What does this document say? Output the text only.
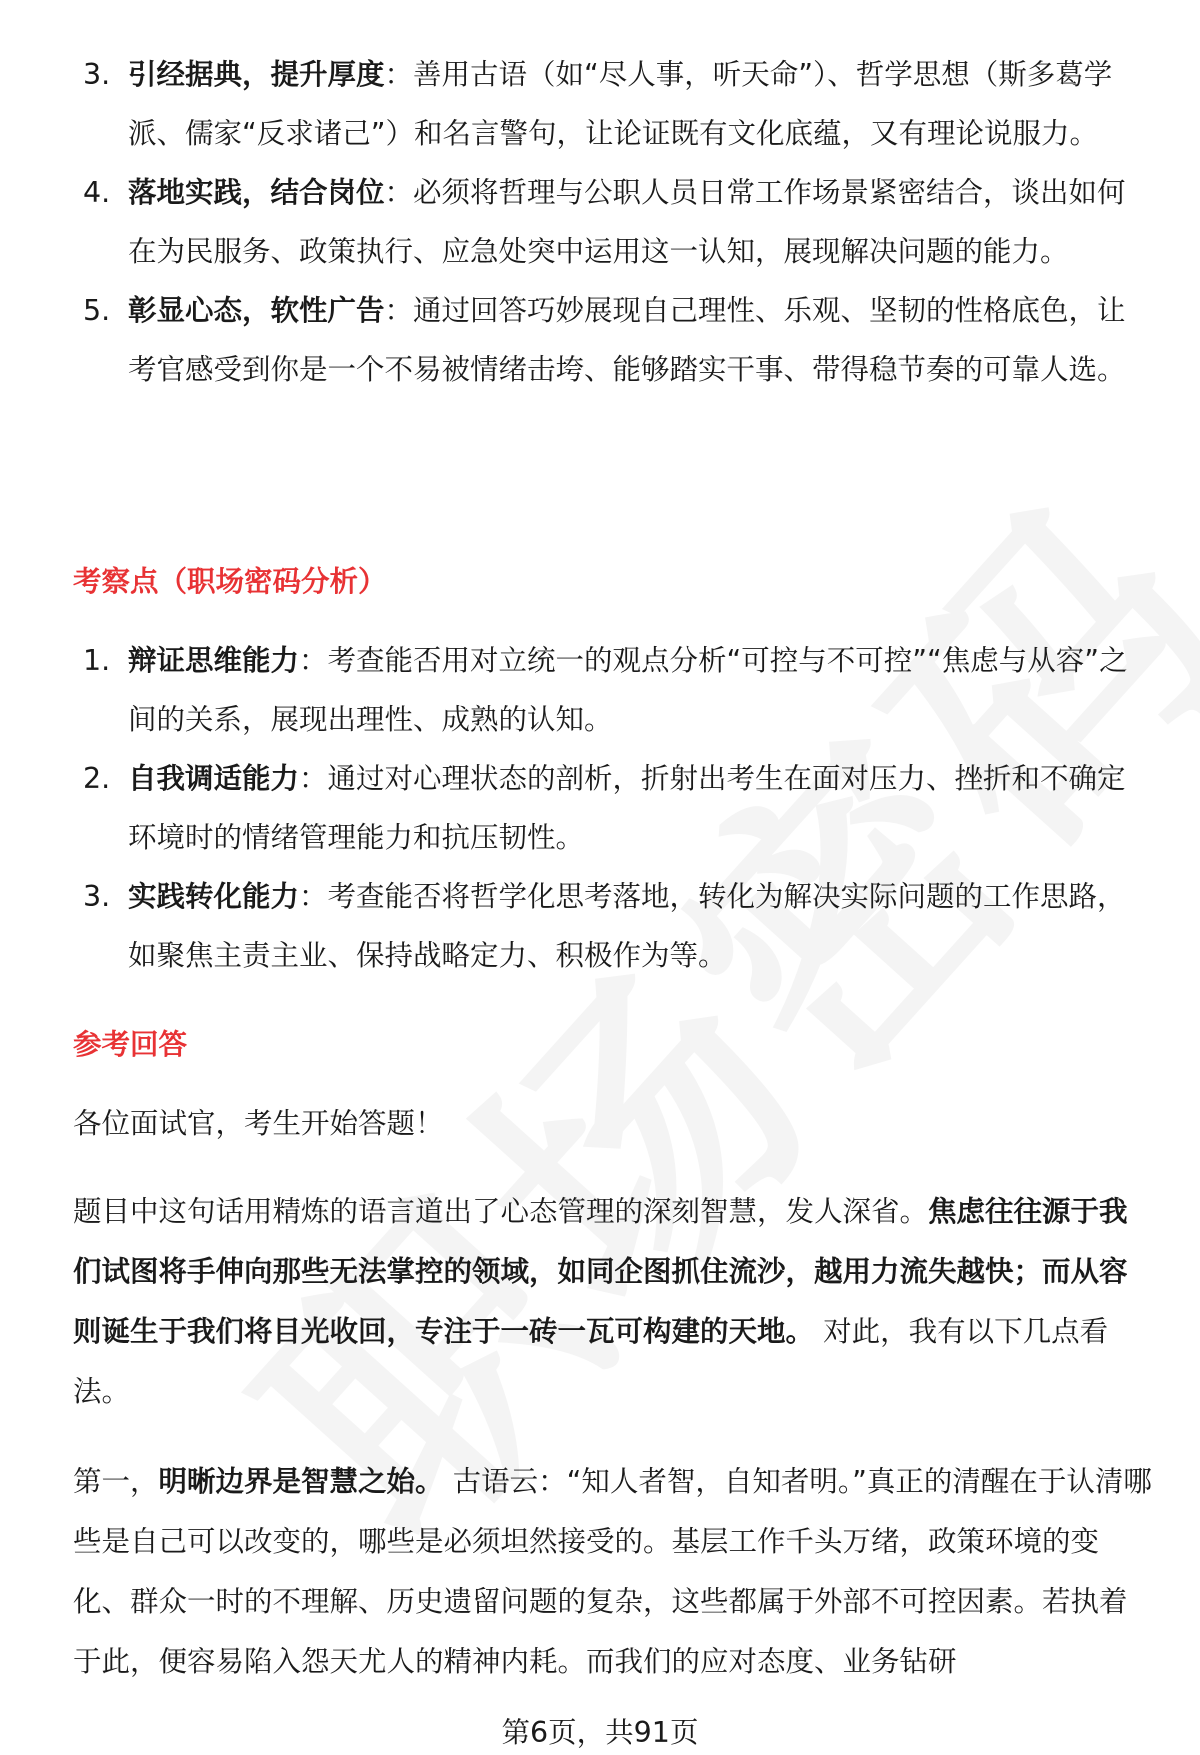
3. 引经据典，提升厚度：善用古语（如“尽人事，听天命”）、哲学思想（斯多葛学派、儒家“反求诸己”）和名言警句，让论证既有文化底蕴，又有理论说服力。
4. 落地实践，结合岗位：必须将哲理与公职人员日常工作场景紧密结合，谈出如何在为民服务、政策执行、应急处突中运用这一认知，展现解决问题的能力。
5. 彰显心态，软性广告：通过回答巧妙展现自己理性、乐观、坚韧的性格底色，让考官感受到你是一个不易被情绪击垮、能够踏实干事、带得稳节奏的可靠人选。
考察点（职场密码分析）
1. 辩证思维能力：考查能否用对立统一的观点分析“可控与不可控”“焦虑与从容”之间的关系，展现出理性、成熟的认知。
2. 自我调适能力：通过对心理状态的剖析，折射出考生在面对压力、挫折和不确定环境时的情绪管理能力和抗压韧性。
3. 实践转化能力：考查能否将哲学化思考落地，转化为解决实际问题的工作思路，如聚焦主责主业、保持战略定力、积极作为等。
参考回答
各位面试官，考生开始答题！
题目中这句话用精炼的语言道出了心态管理的深刻智慧，发人深省。焦虑往往源于我们试图将手伸向那些无法掌控的领域，如同企图抓住流沙，越用力流失越快；而从容则诞生于我们将目光收回，专注于一砖一瓦可构建的天地。 对此，我有以下几点看法。
第一，明晰边界是智慧之始。 古语云：“知人者智，自知者明。”真正的清醒在于认清哪些是自己可以改变的，哪些是必须坦然接受的。基层工作千头万绪，政策环境的变化、群众一时的不理解、历史遗留问题的复杂，这些都属于外部不可控因素。若执着于此，便容易陷入怨天尤人的精神内耗。而我们的应对态度、业务钻研
第6页，共91页
